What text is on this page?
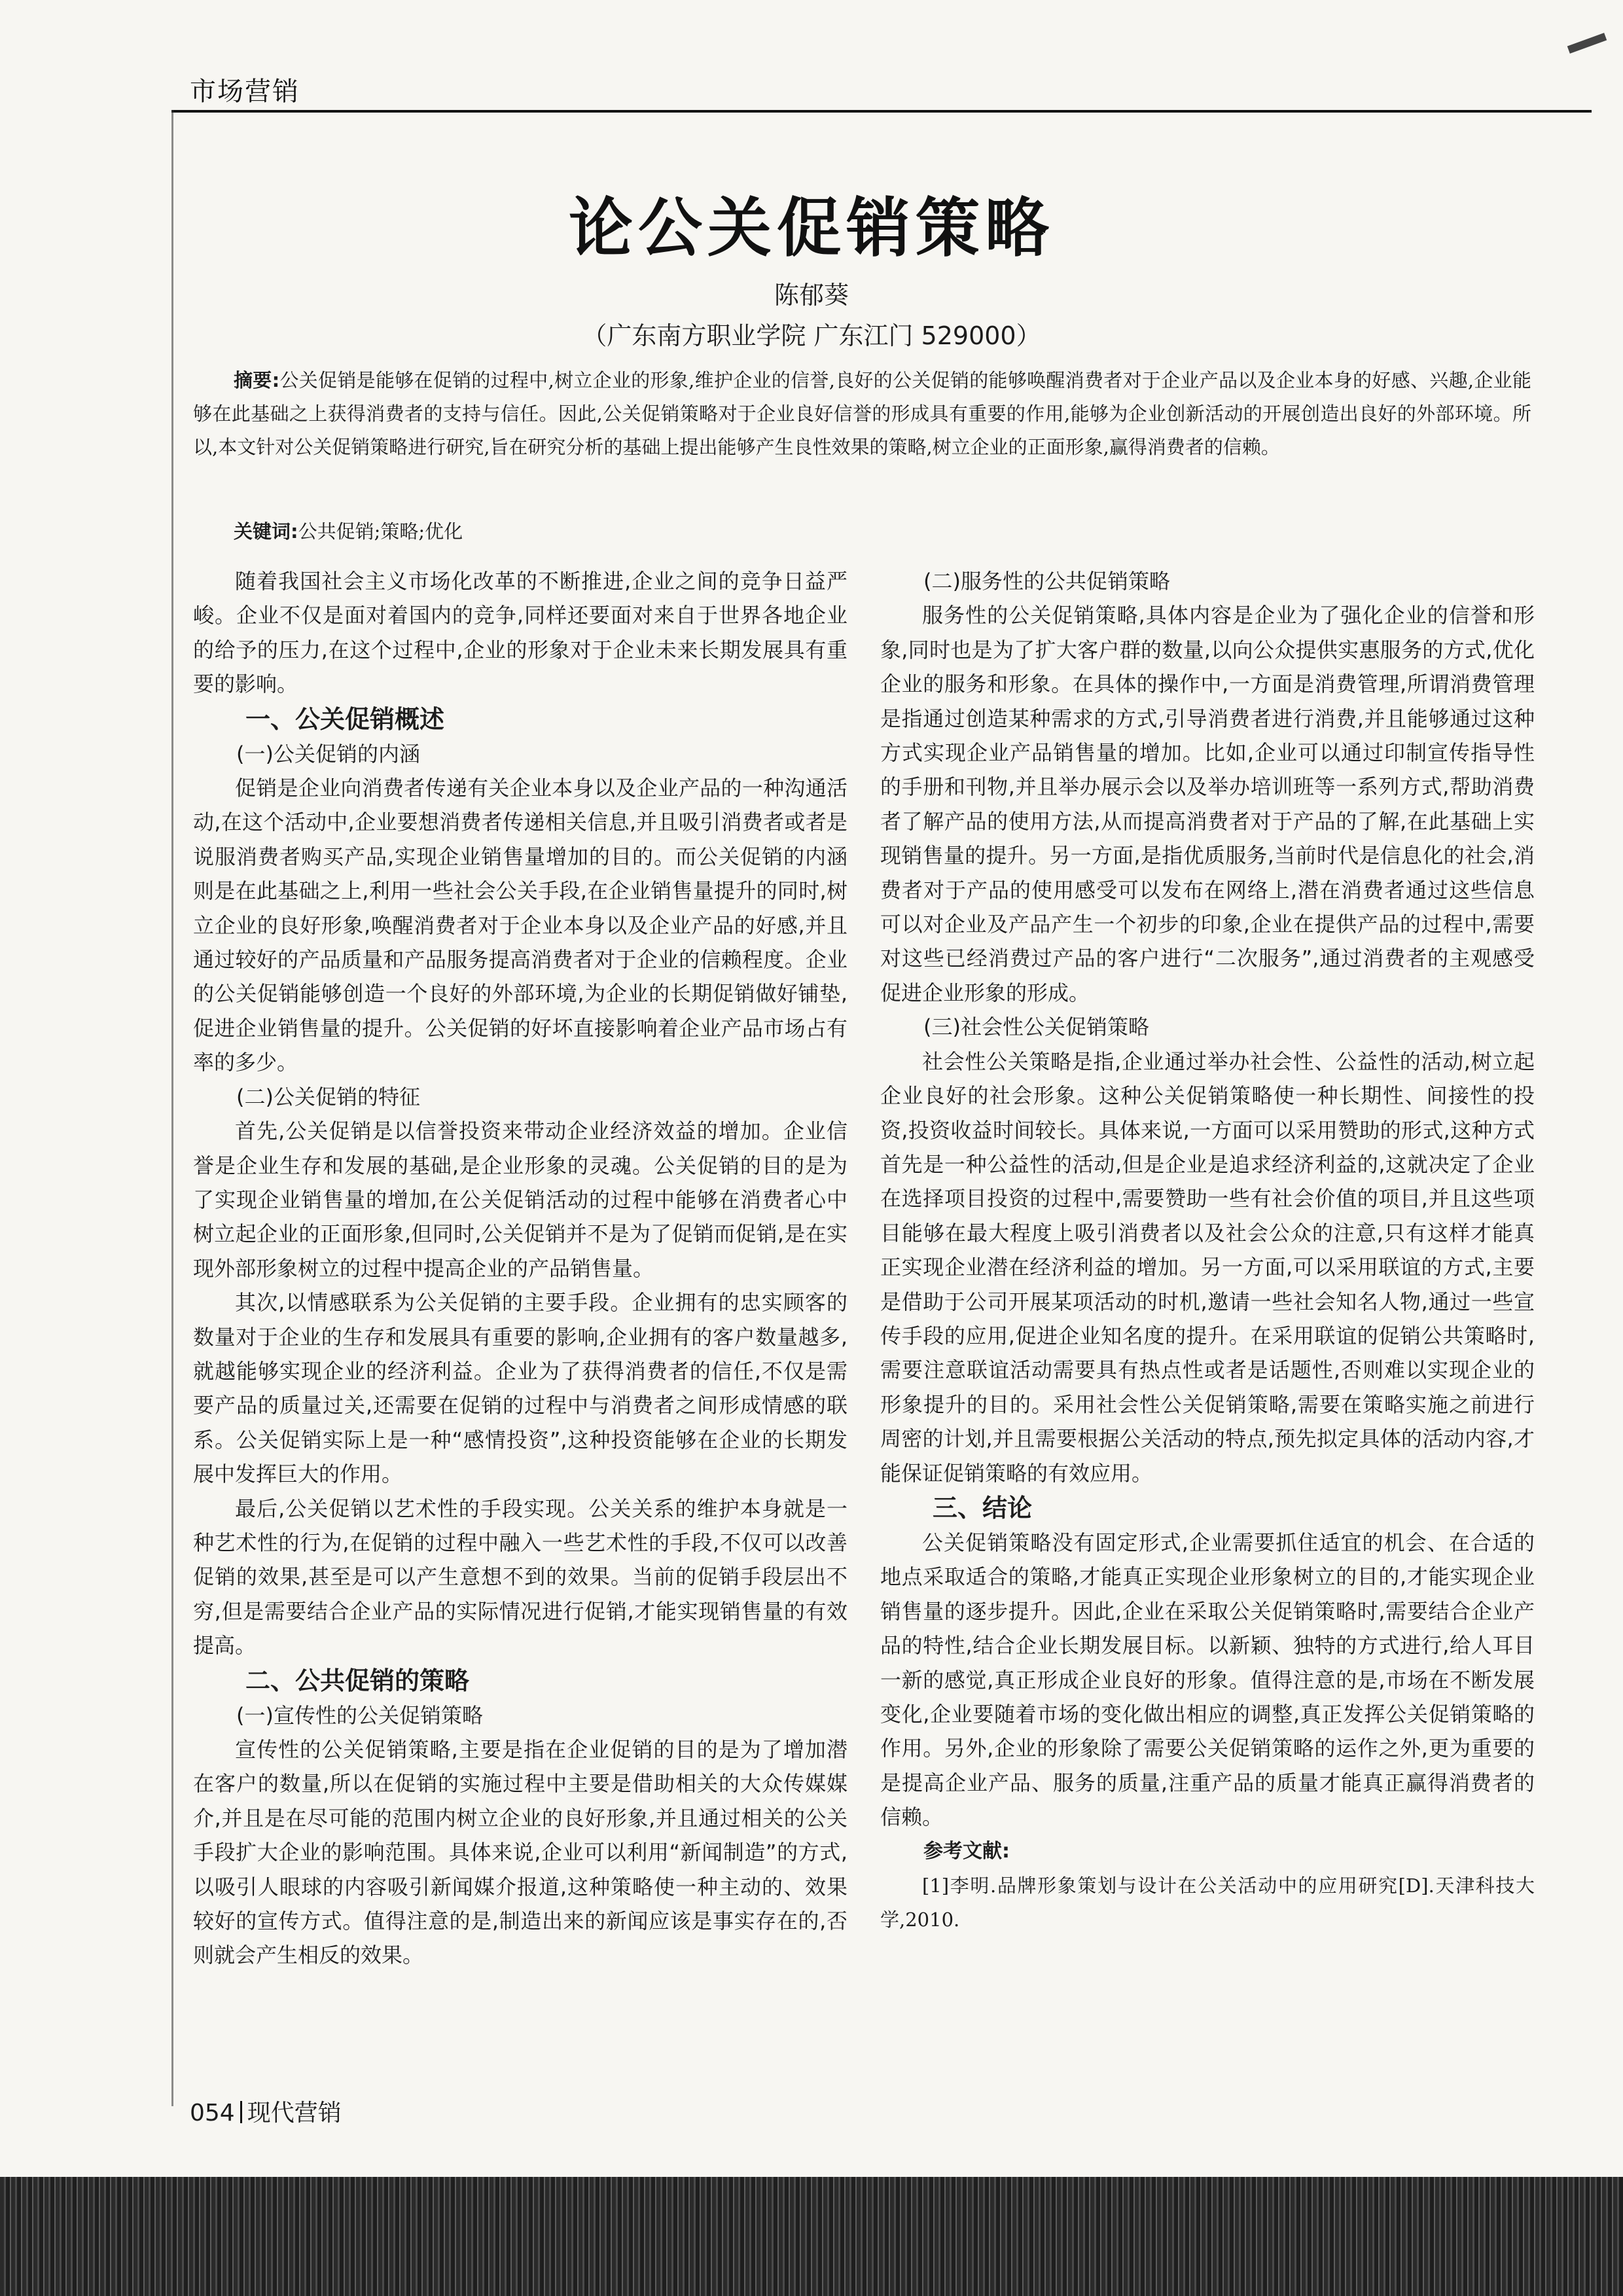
市场营销
论公关促销策略
陈郁葵
（广东南方职业学院 广东江门 529000）
摘要:公关促销是能够在促销的过程中,树立企业的形象,维护企业的信誉,良好的公关促销的能够唤醒消费者对于企业产品以及企业本身的好感、兴趣,企业能够在此基础之上获得消费者的支持与信任。因此,公关促销策略对于企业良好信誉的形成具有重要的作用,能够为企业创新活动的开展创造出良好的外部环境。所以,本文针对公关促销策略进行研究,旨在研究分析的基础上提出能够产生良性效果的策略,树立企业的正面形象,赢得消费者的信赖。
关键词:公共促销;策略;优化

随着我国社会主义市场化改革的不断推进,企业之间的竞争日益严峻。企业不仅是面对着国内的竞争,同样还要面对来自于世界各地企业的给予的压力,在这个过程中,企业的形象对于企业未来长期发展具有重要的影响。

一、公关促销概述
(一)公关促销的内涵

促销是企业向消费者传递有关企业本身以及企业产品的一种沟通活动,在这个活动中,企业要想消费者传递相关信息,并且吸引消费者或者是说服消费者购买产品,实现企业销售量增加的目的。而公关促销的内涵则是在此基础之上,利用一些社会公关手段,在企业销售量提升的同时,树立企业的良好形象,唤醒消费者对于企业本身以及企业产品的好感,并且通过较好的产品质量和产品服务提高消费者对于企业的信赖程度。企业的公关促销能够创造一个良好的外部环境,为企业的长期促销做好铺垫,促进企业销售量的提升。公关促销的好坏直接影响着企业产品市场占有率的多少。

(二)公关促销的特征

首先,公关促销是以信誉投资来带动企业经济效益的增加。企业信誉是企业生存和发展的基础,是企业形象的灵魂。公关促销的目的是为了实现企业销售量的增加,在公关促销活动的过程中能够在消费者心中树立起企业的正面形象,但同时,公关促销并不是为了促销而促销,是在实现外部形象树立的过程中提高企业的产品销售量。

其次,以情感联系为公关促销的主要手段。企业拥有的忠实顾客的数量对于企业的生存和发展具有重要的影响,企业拥有的客户数量越多,就越能够实现企业的经济利益。企业为了获得消费者的信任,不仅是需要产品的质量过关,还需要在促销的过程中与消费者之间形成情感的联系。公关促销实际上是一种“感情投资”,这种投资能够在企业的长期发展中发挥巨大的作用。

最后,公关促销以艺术性的手段实现。公关关系的维护本身就是一种艺术性的行为,在促销的过程中融入一些艺术性的手段,不仅可以改善促销的效果,甚至是可以产生意想不到的效果。当前的促销手段层出不穷,但是需要结合企业产品的实际情况进行促销,才能实现销售量的有效提高。

二、公共促销的策略
(一)宣传性的公关促销策略

宣传性的公关促销策略,主要是指在企业促销的目的是为了增加潜在客户的数量,所以在促销的实施过程中主要是借助相关的大众传媒媒介,并且是在尽可能的范围内树立企业的良好形象,并且通过相关的公关手段扩大企业的影响范围。具体来说,企业可以利用“新闻制造”的方式,以吸引人眼球的内容吸引新闻媒介报道,这种策略使一种主动的、效果较好的宣传方式。值得注意的是,制造出来的新闻应该是事实存在的,否则就会产生相反的效果。

(二)服务性的公共促销策略

服务性的公关促销策略,具体内容是企业为了强化企业的信誉和形象,同时也是为了扩大客户群的数量,以向公众提供实惠服务的方式,优化企业的服务和形象。在具体的操作中,一方面是消费管理,所谓消费管理是指通过创造某种需求的方式,引导消费者进行消费,并且能够通过这种方式实现企业产品销售量的增加。比如,企业可以通过印制宣传指导性的手册和刊物,并且举办展示会以及举办培训班等一系列方式,帮助消费者了解产品的使用方法,从而提高消费者对于产品的了解,在此基础上实现销售量的提升。另一方面,是指优质服务,当前时代是信息化的社会,消费者对于产品的使用感受可以发布在网络上,潜在消费者通过这些信息可以对企业及产品产生一个初步的印象,企业在提供产品的过程中,需要对这些已经消费过产品的客户进行“二次服务”,通过消费者的主观感受促进企业形象的形成。

(三)社会性公关促销策略

社会性公关策略是指,企业通过举办社会性、公益性的活动,树立起企业良好的社会形象。这种公关促销策略使一种长期性、间接性的投资,投资收益时间较长。具体来说,一方面可以采用赞助的形式,这种方式首先是一种公益性的活动,但是企业是追求经济利益的,这就决定了企业在选择项目投资的过程中,需要赞助一些有社会价值的项目,并且这些项目能够在最大程度上吸引消费者以及社会公众的注意,只有这样才能真正实现企业潜在经济利益的增加。另一方面,可以采用联谊的方式,主要是借助于公司开展某项活动的时机,邀请一些社会知名人物,通过一些宣传手段的应用,促进企业知名度的提升。在采用联谊的促销公共策略时,需要注意联谊活动需要具有热点性或者是话题性,否则难以实现企业的形象提升的目的。采用社会性公关促销策略,需要在策略实施之前进行周密的计划,并且需要根据公关活动的特点,预先拟定具体的活动内容,才能保证促销策略的有效应用。

三、结论

公关促销策略没有固定形式,企业需要抓住适宜的机会、在合适的地点采取适合的策略,才能真正实现企业形象树立的目的,才能实现企业销售量的逐步提升。因此,企业在采取公关促销策略时,需要结合企业产品的特性,结合企业长期发展目标。以新颖、独特的方式进行,给人耳目一新的感觉,真正形成企业良好的形象。值得注意的是,市场在不断发展变化,企业要随着市场的变化做出相应的调整,真正发挥公关促销策略的作用。另外,企业的形象除了需要公关促销策略的运作之外,更为重要的是提高企业产品、服务的质量,注重产品的质量才能真正赢得消费者的信赖。

参考文献:

[1]李明.品牌形象策划与设计在公关活动中的应用研究[D].天津科技大学,2010.

054 现代营销
